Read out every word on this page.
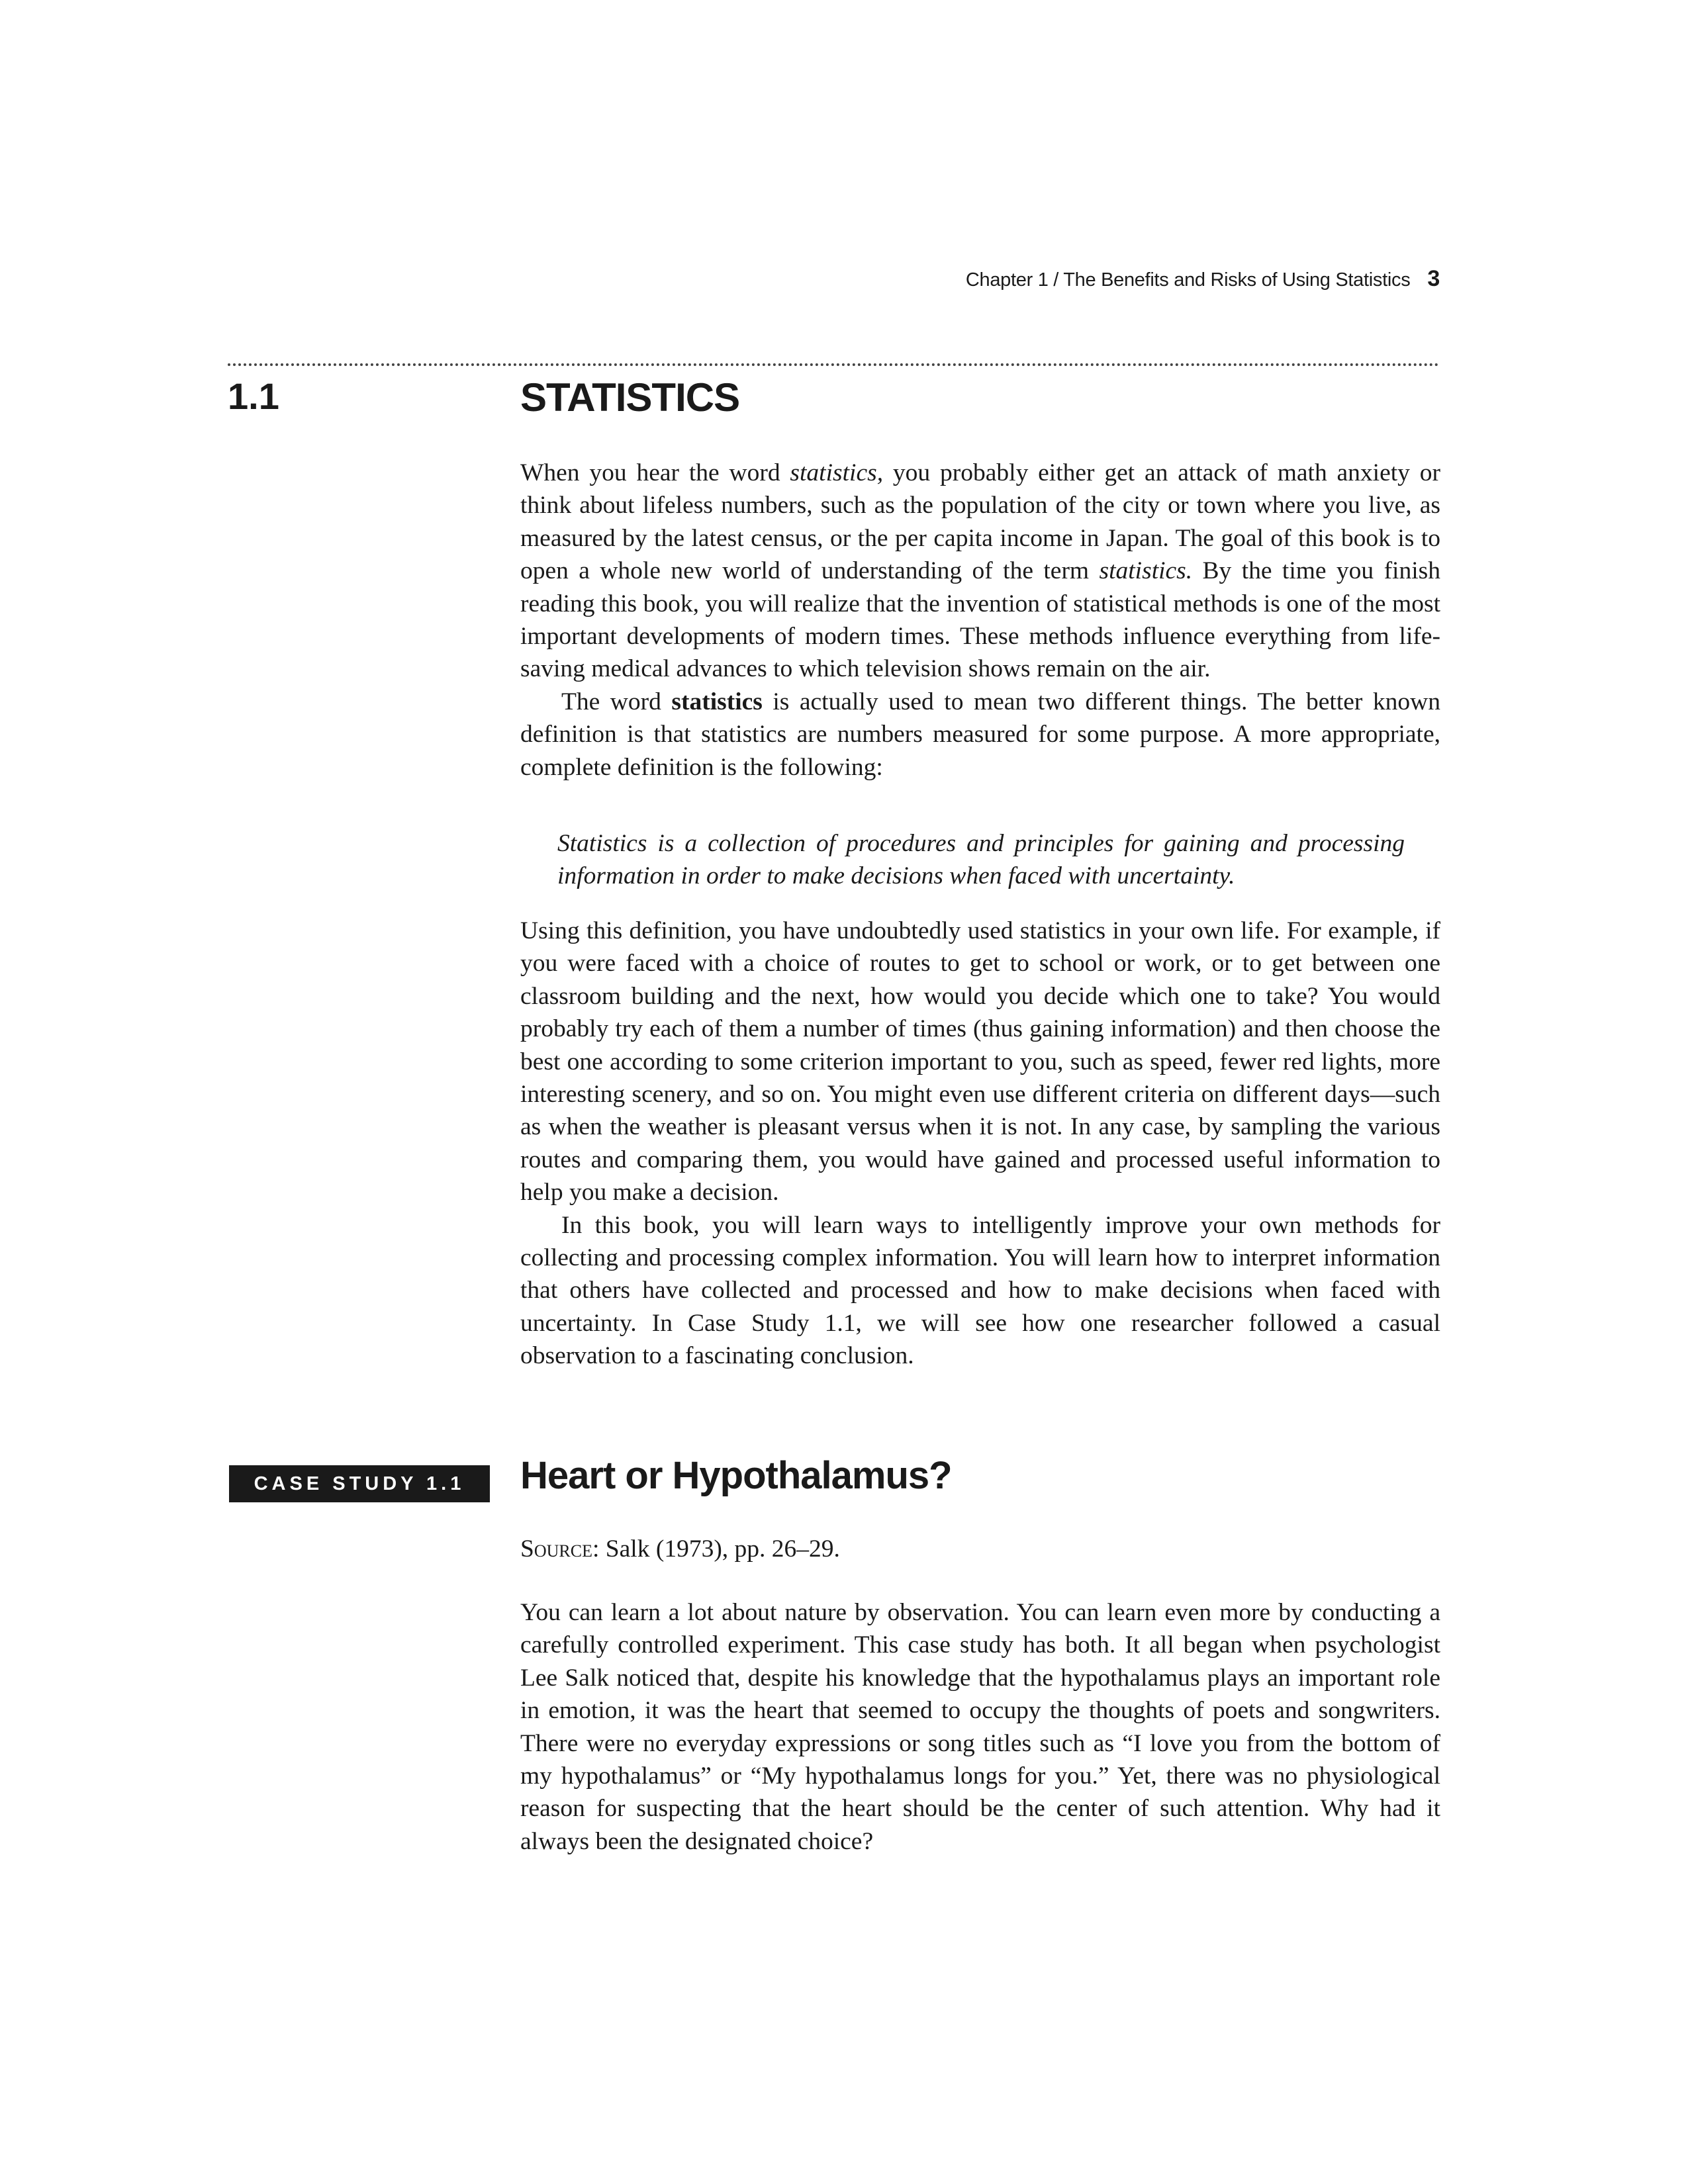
Chapter 1 / The Benefits and Risks of Using Statistics 3
1.1	STATISTICS

When you hear the word statistics, you probably either get an attack of math anxiety or think about lifeless numbers, such as the population of the city or town where you live, as measured by the latest census, or the per capita income in Japan. The goal of this book is to open a whole new world of understanding of the term statistics. By the time you finish reading this book, you will realize that the invention of statistical methods is one of the most important developments of modern times. These methods influence everything from life-saving medical advances to which television shows remain on the air.

The word statistics is actually used to mean two different things. The better known definition is that statistics are numbers measured for some purpose. A more appropriate, complete definition is the following:

Statistics is a collection of procedures and principles for gaining and processing information in order to make decisions when faced with uncertainty.

Using this definition, you have undoubtedly used statistics in your own life. For example, if you were faced with a choice of routes to get to school or work, or to get between one classroom building and the next, how would you decide which one to take? You would probably try each of them a number of times (thus gaining information) and then choose the best one according to some criterion important to you, such as speed, fewer red lights, more interesting scenery, and so on. You might even use different criteria on different days—such as when the weather is pleasant versus when it is not. In any case, by sampling the various routes and comparing them, you would have gained and processed useful information to help you make a decision.

In this book, you will learn ways to intelligently improve your own methods for collecting and processing complex information. You will learn how to interpret information that others have collected and processed and how to make decisions when faced with uncertainty. In Case Study 1.1, we will see how one researcher followed a casual observation to a fascinating conclusion.

CASE STUDY 1.1	Heart or Hypothalamus?
Source: Salk (1973), pp. 26–29.

You can learn a lot about nature by observation. You can learn even more by conducting a carefully controlled experiment. This case study has both. It all began when psychologist Lee Salk noticed that, despite his knowledge that the hypothalamus plays an important role in emotion, it was the heart that seemed to occupy the thoughts of poets and songwriters. There were no everyday expressions or song titles such as “I love you from the bottom of my hypothalamus” or “My hypothalamus longs for you.” Yet, there was no physiological reason for suspecting that the heart should be the center of such attention. Why had it always been the designated choice?
